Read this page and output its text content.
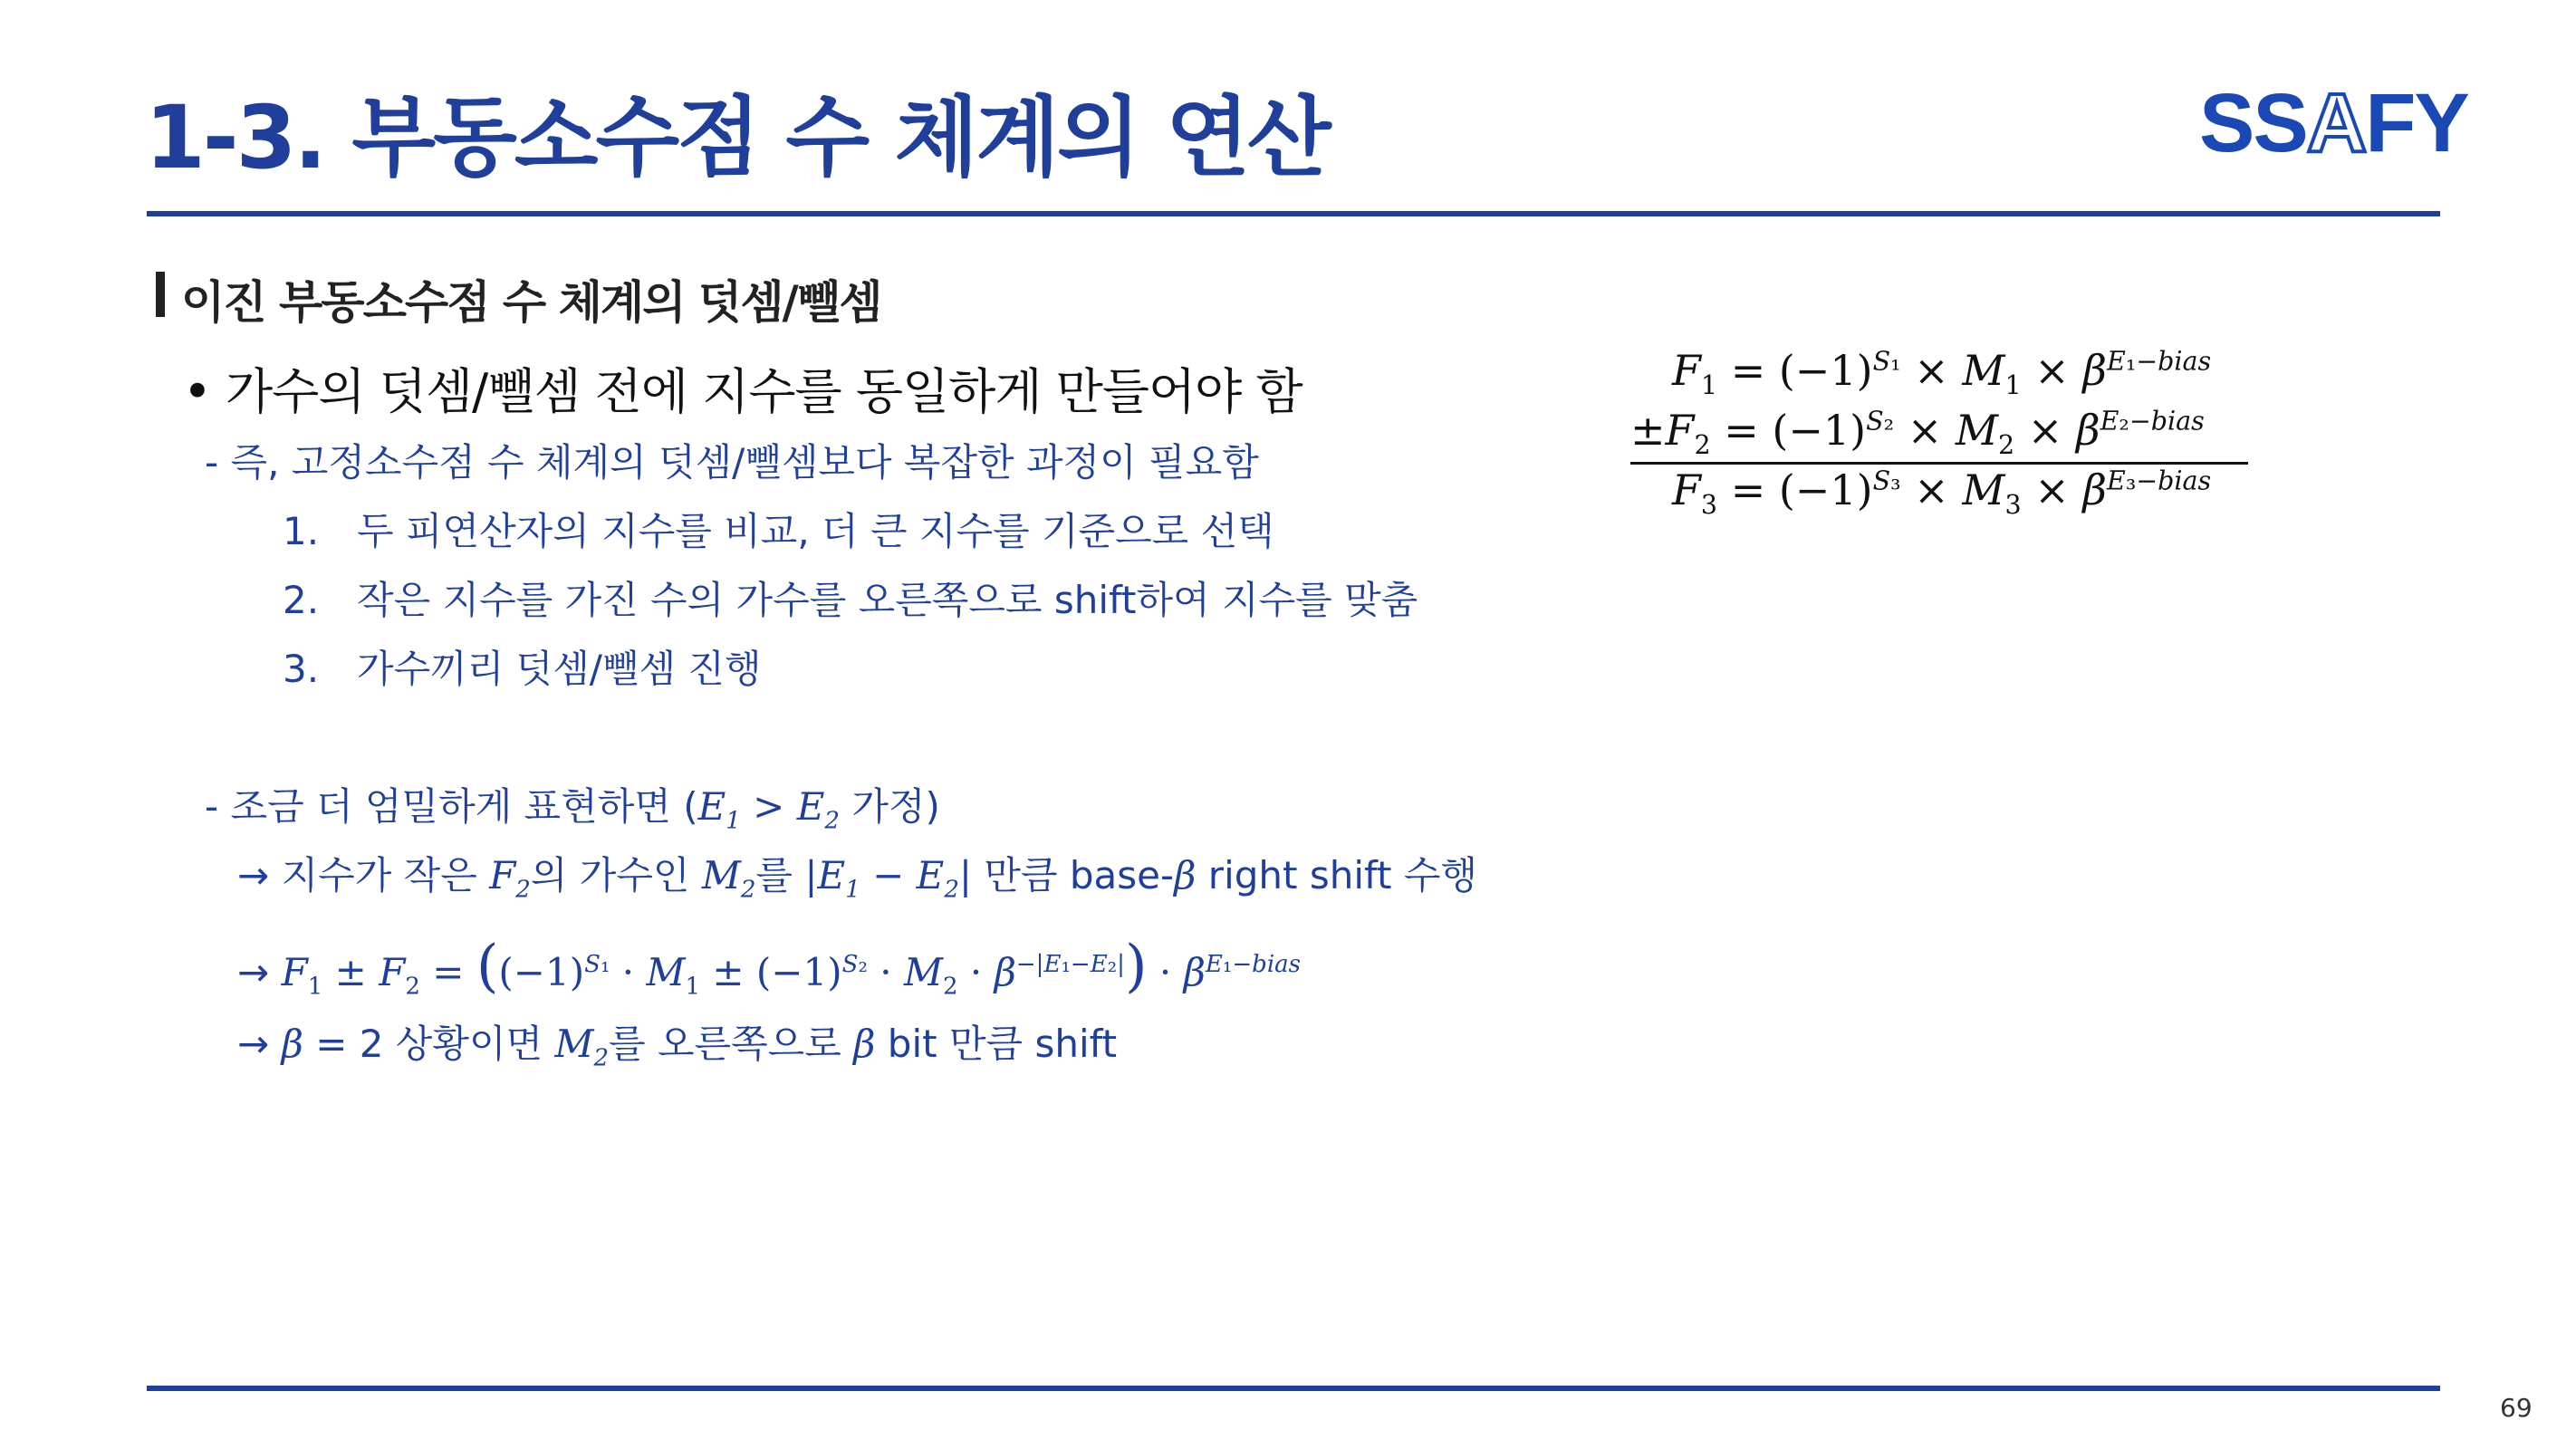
1-3. 부동소수점 수 체계의 연산	SSAFY
이진 부동소수점 수 체계의 덧셈/뺄셈
• 가수의 덧셈/뺄셈 전에 지수를 동일하게 만들어야 함
- 즉, 고정소수점 수 체계의 덧셈/뺄셈보다 복잡한 과정이 필요함
1. 두 피연산자의 지수를 비교, 더 큰 지수를 기준으로 선택
2. 작은 지수를 가진 수의 가수를 오른쪽으로 shift하여 지수를 맞춤
3. 가수끼리 덧셈/뺄셈 진행
- 조금 더 엄밀하게 표현하면 ($E_1 > E_2$ 가정)
→ 지수가 작은 $F_2$의 가수인 $M_2$를 $|E_1 - E_2|$ 만큼 base-β right shift 수행
→ $F_1 \pm F_2 = ((-1)^{S_1} \cdot M_1 \pm (-1)^{S_2} \cdot M_2 \cdot \beta^{-|E_1-E_2|}) \cdot \beta^{E_1-bias}$
→ β = 2 상황이면 $M_2$를 오른쪽으로 β bit 만큼 shift
$F_1 = (-1)^{S_1} \times M_1 \times \beta^{E_1-bias}$
$\pm F_2 = (-1)^{S_2} \times M_2 \times \beta^{E_2-bias}$
$F_3 = (-1)^{S_3} \times M_3 \times \beta^{E_3-bias}$
69
